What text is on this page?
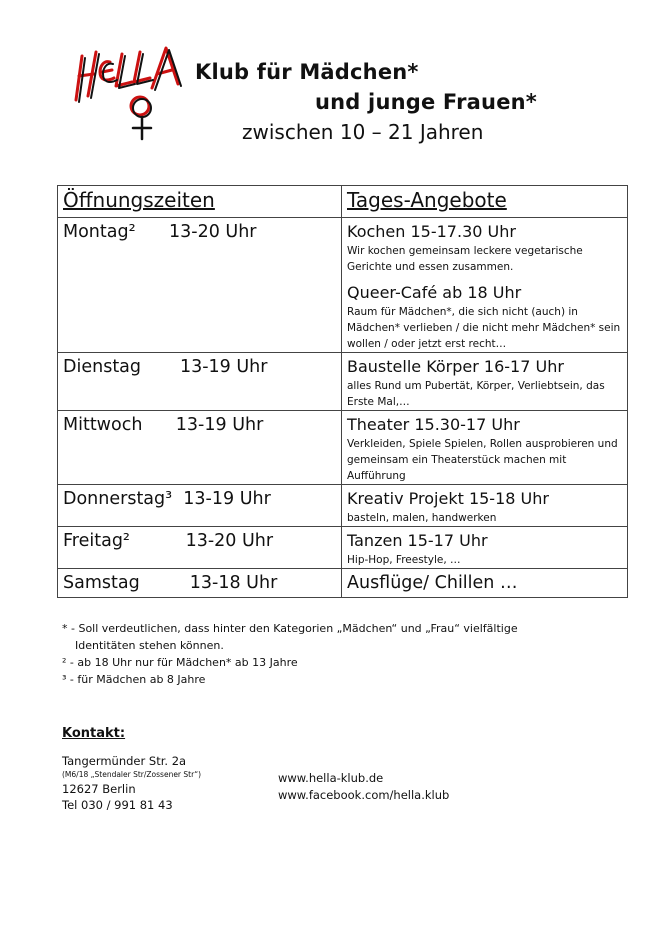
Klub für Mädchen*
und junge Frauen*
zwischen 10 – 21 Jahren
Öffnungszeiten	Tages-Angebote
Montag²      13-20 Uhr	Kochen 15-17.30 Uhr
Wir kochen gemeinsam leckere vegetarische Gerichte und essen zusammen.
Queer-Café ab 18 Uhr
Raum für Mädchen*, die sich nicht (auch) in Mädchen* verlieben / die nicht mehr Mädchen* sein wollen / oder jetzt erst recht…

Dienstag       13-19 Uhr	Baustelle Körper 16-17 Uhr
alles Rund um Pubertät, Körper, Verliebtsein, das Erste Mal,…

Mittwoch      13-19 Uhr	Theater 15.30-17 Uhr
Verkleiden, Spiele Spielen, Rollen ausprobieren und gemeinsam ein Theaterstück machen mit Aufführung

Donnerstag³  13-19 Uhr	Kreativ Projekt 15-18 Uhr
basteln, malen, handwerken

Freitag²          13-20 Uhr	Tanzen 15-17 Uhr
Hip-Hop, Freestyle, …

Samstag         13-18 Uhr	Ausflüge/ Chillen …
* - Soll verdeutlichen, dass hinter den Kategorien „Mädchen“ und „Frau“ vielfältige
Identitäten stehen können.
² - ab 18 Uhr nur für Mädchen* ab 13 Jahre
³ - für Mädchen ab 8 Jahre
Kontakt:
Tangermünder Str. 2a
(M6/18 „Stendaler Str/Zossener Str“)
12627 Berlin
Tel 030 / 991 81 43
www.hella-klub.de
www.facebook.com/hella.klub
